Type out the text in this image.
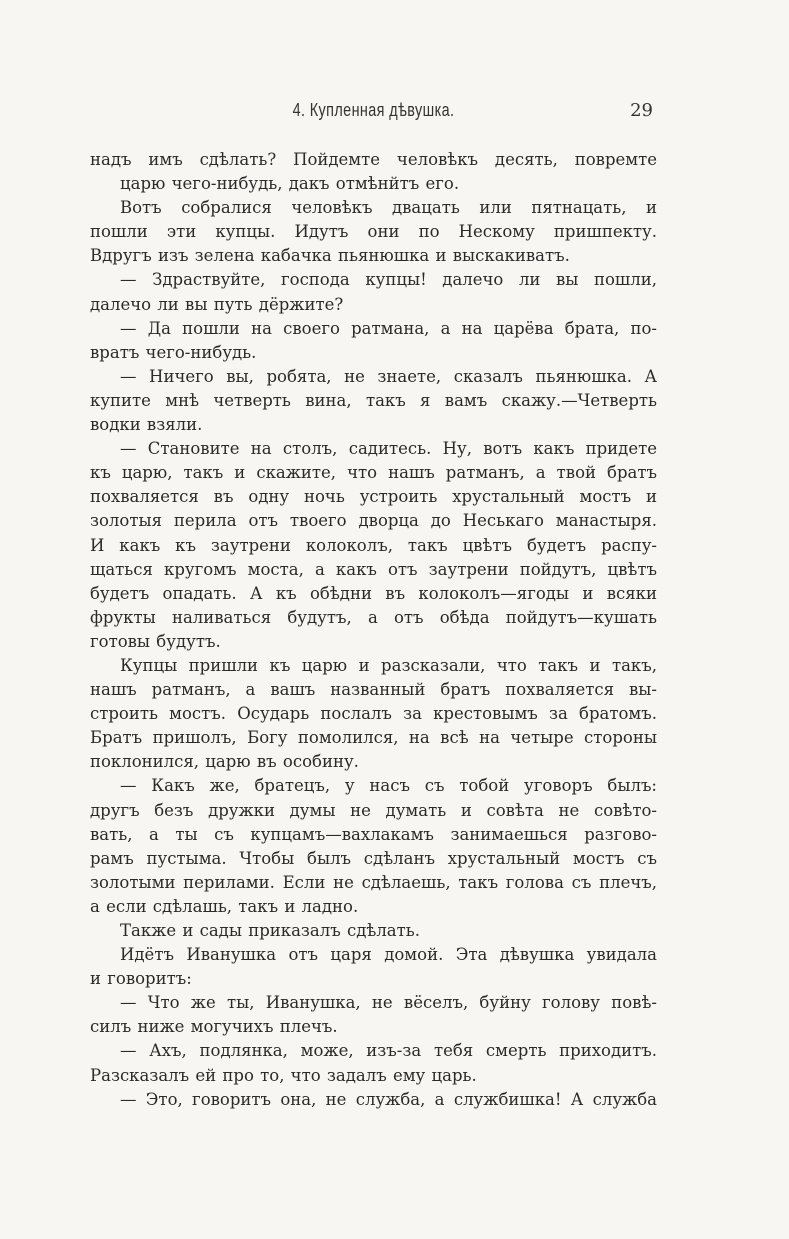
4. Купленная дѣвушка.	29
надъ имъ сдѣлать? Пойдемте человѣкъ десять, повремте
царю чего-нибудь, дакъ отмѣнйтъ его.
Вотъ собралися человѣкъ двацать или пятнацать, и
пошли эти купцы. Идутъ они по Нескому пришпекту.
Вдругъ изъ зелена кабачка пьянюшка и выскакиватъ.
— Здраствуйте, господа купцы! далечо ли вы пошли,
далечо ли вы путь дёржите?
— Да пошли на своего ратмана, а на царёва брата, по-
вратъ чего-нибудь.
— Ничего вы, робята, не знаете, сказалъ пьянюшка. А
купите мнѣ четверть вина, такъ я вамъ скажу.—Четверть
водки взяли.
— Становите на столъ, садитесь. Ну, вотъ какъ придете
къ царю, такъ и скажите, что нашъ ратманъ, а твой братъ
похваляется въ одну ночь устроить хрустальный мостъ и
золотыя перила отъ твоего дворца до Неськаго манастыря.
И какъ къ заутрени колоколъ, такъ цвѣтъ будетъ распу-
щаться кругомъ моста, а какъ отъ заутрени пойдутъ, цвѣтъ
будетъ опадать. А къ обѣдни въ колоколъ—ягоды и всяки
фрукты наливаться будутъ, а отъ обѣда пойдутъ—кушать
готовы будутъ.
Купцы пришли къ царю и разсказали, что такъ и такъ,
нашъ ратманъ, а вашъ названный братъ похваляется вы-
строить мостъ. Осударь послалъ за крестовымъ за братомъ.
Братъ пришолъ, Богу помолился, на всѣ на четыре стороны
поклонился, царю въ особину.
— Какъ же, братецъ, у насъ съ тобой уговоръ былъ:
другъ безъ дружки думы не думать и совѣта не совѣто-
вать, а ты съ купцамъ—вахлакамъ занимаешься разгово-
рамъ пустыма. Чтобы былъ сдѣланъ хрустальный мостъ съ
золотыми перилами. Если не сдѣлаешь, такъ голова съ плечъ,
а если сдѣлашь, такъ и ладно.
Также и сады приказалъ сдѣлать.
Идётъ Иванушка отъ царя домой. Эта дѣвушка увидала
и говоритъ:
— Что же ты, Иванушка, не вёселъ, буйну голову повѣ-
силъ ниже могучихъ плечъ.
— Ахъ, подлянка, може, изъ-за тебя смерть приходитъ.
Разсказалъ ей про то, что задалъ ему царь.
— Это, говоритъ она, не служба, а службишка! А служба
